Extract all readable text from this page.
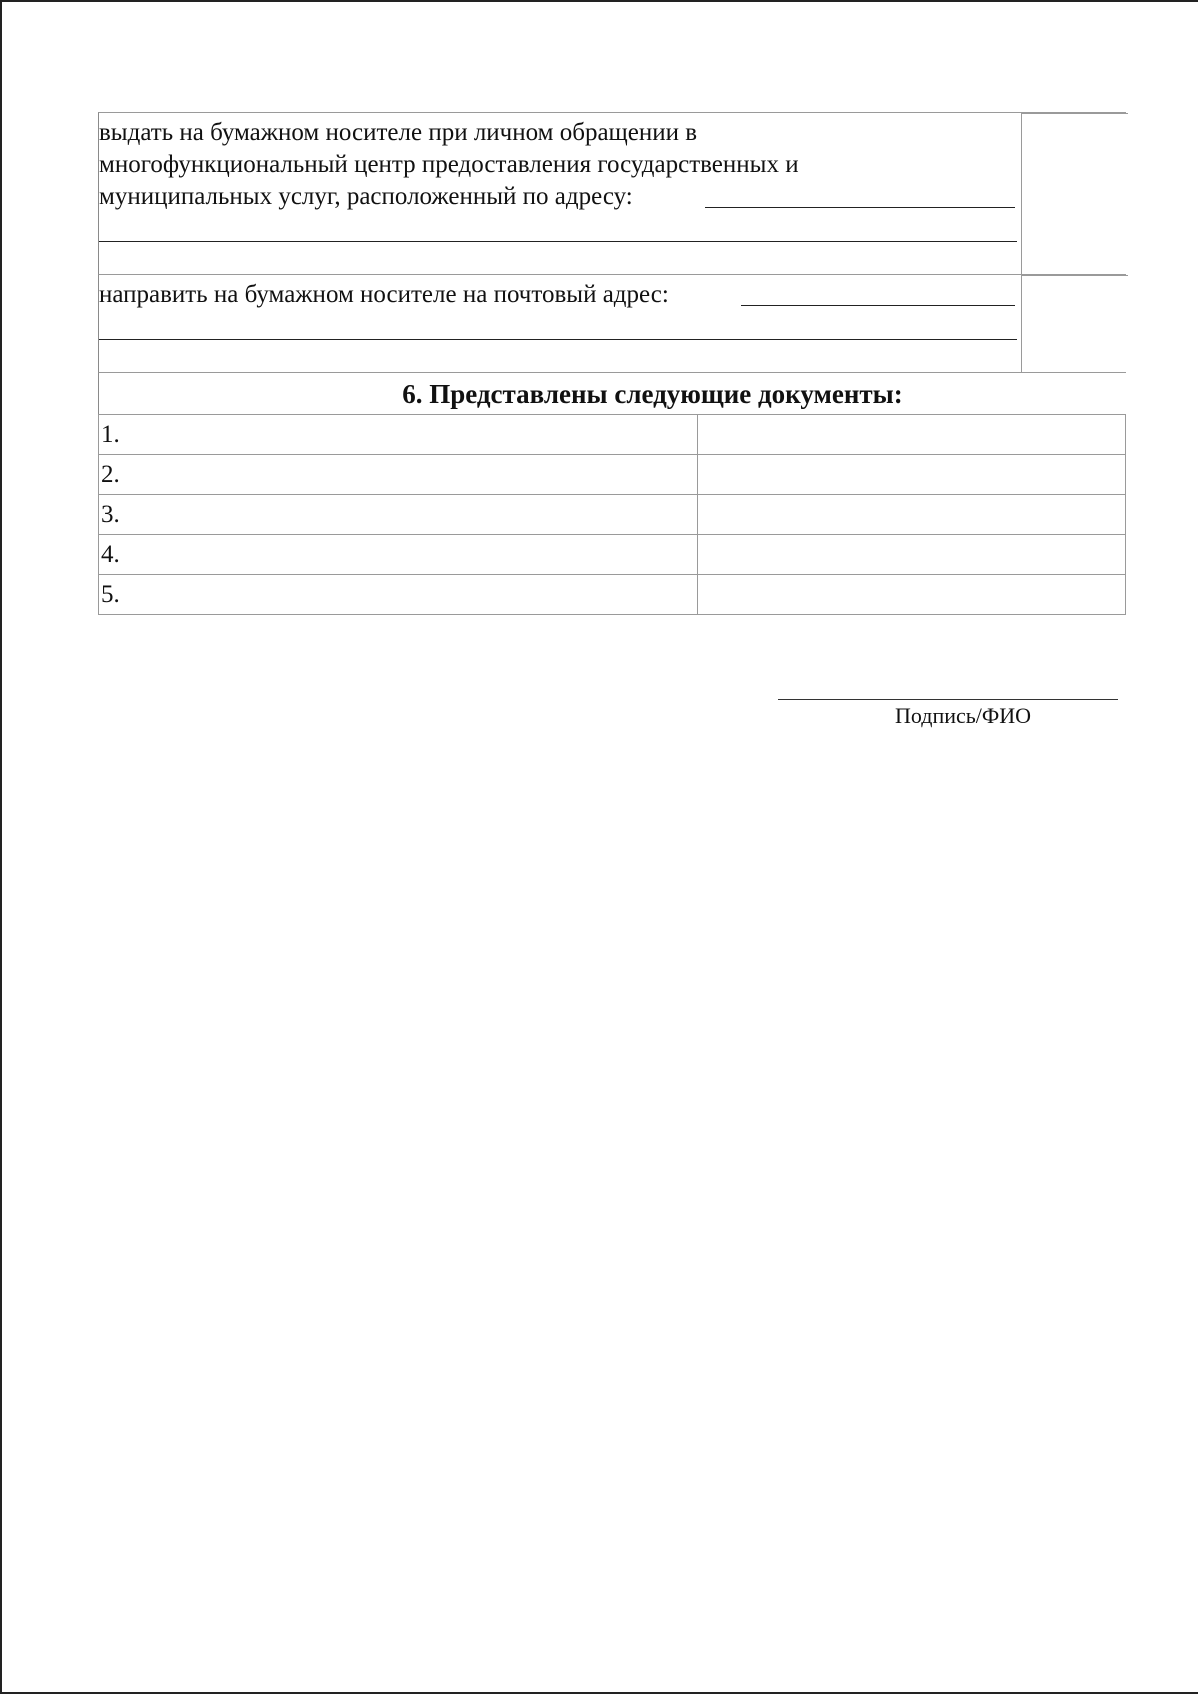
выдать на бумажном носителе при личном обращении в
многофункциональный центр предоставления государственных и
муниципальных услуг, расположенный по адресу:
направить на бумажном носителе на почтовый адрес:
6. Представлены следующие документы:
1.	
2.	
3.	
4.	
5.	
Подпись/ФИО
